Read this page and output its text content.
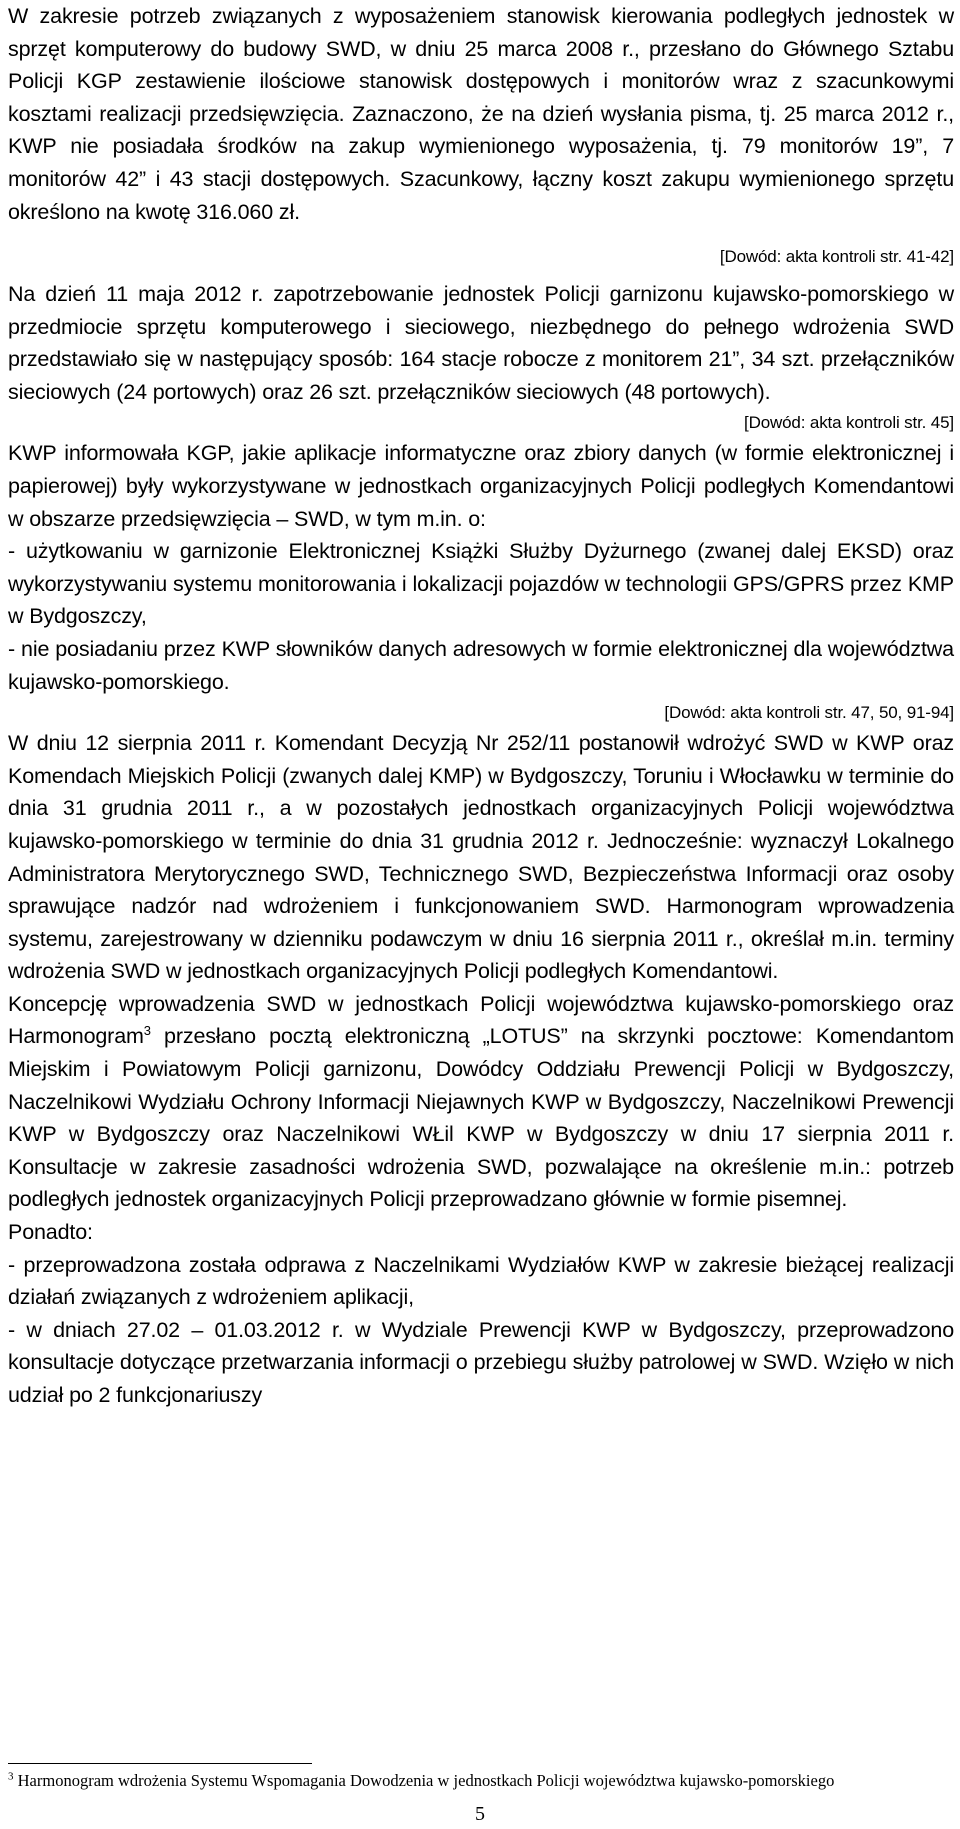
W zakresie potrzeb związanych z wyposażeniem stanowisk kierowania podległych jednostek w sprzęt komputerowy do budowy SWD, w dniu 25 marca 2008 r., przesłano do Głównego Sztabu Policji KGP zestawienie ilościowe stanowisk dostępowych i monitorów wraz z szacunkowymi kosztami realizacji przedsięwzięcia. Zaznaczono, że na dzień wysłania pisma, tj. 25 marca 2012 r., KWP nie posiadała środków na zakup wymienionego wyposażenia, tj. 79 monitorów 19”, 7 monitorów 42” i 43 stacji dostępowych. Szacunkowy, łączny koszt zakupu wymienionego sprzętu określono na kwotę 316.060 zł.

[Dowód: akta kontroli str. 41-42]

Na dzień 11 maja 2012 r. zapotrzebowanie jednostek Policji garnizonu kujawsko-pomorskiego w przedmiocie sprzętu komputerowego i sieciowego, niezbędnego do pełnego wdrożenia SWD przedstawiało się w następujący sposób: 164 stacje robocze z monitorem 21”, 34 szt. przełączników sieciowych (24 portowych) oraz 26 szt. przełączników sieciowych (48 portowych).

[Dowód: akta kontroli str. 45]

KWP informowała KGP, jakie aplikacje informatyczne oraz zbiory danych (w formie elektronicznej i papierowej) były wykorzystywane w jednostkach organizacyjnych Policji podległych Komendantowi w obszarze przedsięwzięcia – SWD, w tym m.in. o:

- użytkowaniu w garnizonie Elektronicznej Książki Służby Dyżurnego (zwanej dalej EKSD) oraz wykorzystywaniu systemu monitorowania i lokalizacji pojazdów w technologii GPS/GPRS przez KMP w Bydgoszczy,

- nie posiadaniu przez KWP słowników danych adresowych w formie elektronicznej dla województwa kujawsko-pomorskiego.

[Dowód: akta kontroli str. 47, 50, 91-94]

W dniu 12 sierpnia 2011 r. Komendant Decyzją Nr 252/11 postanowił wdrożyć SWD w KWP oraz Komendach Miejskich Policji (zwanych dalej KMP) w Bydgoszczy, Toruniu i Włocławku w terminie do dnia 31 grudnia 2011 r., a w pozostałych jednostkach organizacyjnych Policji województwa kujawsko-pomorskiego w terminie do dnia 31 grudnia 2012 r. Jednocześnie: wyznaczył Lokalnego Administratora Merytorycznego SWD, Technicznego SWD, Bezpieczeństwa Informacji oraz osoby sprawujące nadzór nad wdrożeniem i funkcjonowaniem SWD. Harmonogram wprowadzenia systemu, zarejestrowany w dzienniku podawczym w dniu 16 sierpnia 2011 r., określał m.in. terminy wdrożenia SWD w jednostkach organizacyjnych Policji podległych Komendantowi.

Koncepcję wprowadzenia SWD w jednostkach Policji województwa kujawsko-pomorskiego oraz Harmonogram$^3$ przesłano pocztą elektroniczną „LOTUS” na skrzynki pocztowe: Komendantom Miejskim i Powiatowym Policji garnizonu, Dowódcy Oddziału Prewencji Policji w Bydgoszczy, Naczelnikowi Wydziału Ochrony Informacji Niejawnych KWP w Bydgoszczy, Naczelnikowi Prewencji KWP w Bydgoszczy oraz Naczelnikowi WŁil KWP w Bydgoszczy w dniu 17 sierpnia 2011 r. Konsultacje w zakresie zasadności wdrożenia SWD, pozwalające na określenie m.in.: potrzeb podległych jednostek organizacyjnych Policji przeprowadzano głównie w formie pisemnej.

Ponadto:

- przeprowadzona została odprawa z Naczelnikami Wydziałów KWP w zakresie bieżącej realizacji działań związanych z wdrożeniem aplikacji,

- w dniach 27.02 – 01.03.2012 r. w Wydziale Prewencji KWP w Bydgoszczy, przeprowadzono konsultacje dotyczące przetwarzania informacji o przebiegu służby patrolowej w SWD. Wzięło w nich udział po 2 funkcjonariuszy

$^3$ Harmonogram wdrożenia Systemu Wspomagania Dowodzenia w jednostkach Policji województwa kujawsko-pomorskiego
5
